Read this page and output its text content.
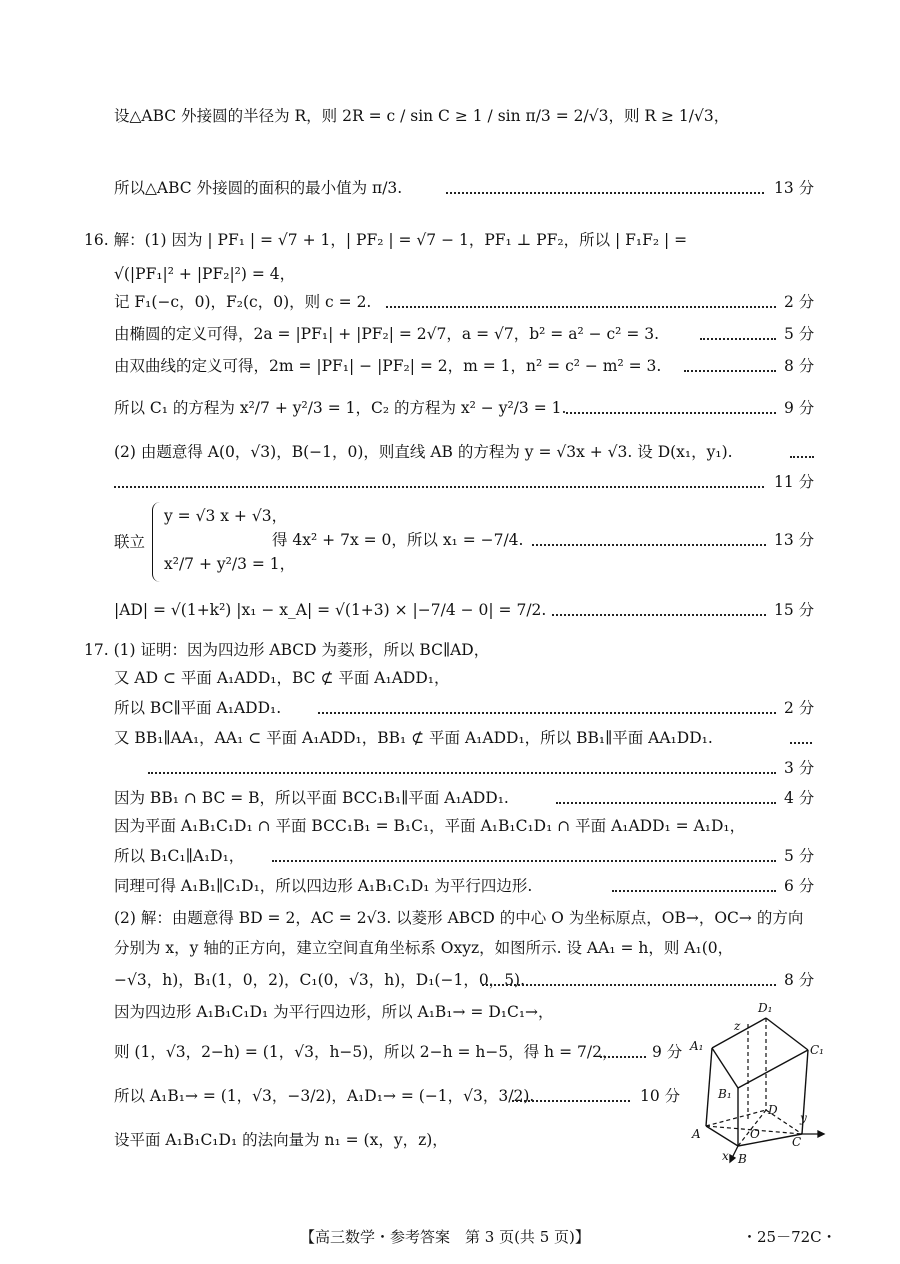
设△ABC 外接圆的半径为 R，则 2R = c / sin C ≥ 1 / sin π/3 = 2/√3，则 R ≥ 1/√3，
所以△ABC 外接圆的面积的最小值为 π/3.	13 分
16. 解：(1) 因为 | PF₁ | = √7 + 1，| PF₂ | = √7 − 1，PF₁ ⊥ PF₂，所以 | F₁F₂ | =
√(|PF₁|² + |PF₂|²) = 4，
记 F₁(−c，0)，F₂(c，0)，则 c = 2.	2 分
由椭圆的定义可得，2a = |PF₁| + |PF₂| = 2√7，a = √7，b² = a² − c² = 3.	5 分
由双曲线的定义可得，2m = |PF₁| − |PF₂| = 2，m = 1，n² = c² − m² = 3.	8 分
所以 C₁ 的方程为 x²/7 + y²/3 = 1，C₂ 的方程为 x² − y²/3 = 1.	9 分
(2) 由题意得 A(0，√3)，B(−1，0)，则直线 AB 的方程为 y = √3x + √3. 设 D(x₁，y₁).
11 分
联立
y = √3 x + √3，
x²/7 + y²/3 = 1，
得 4x² + 7x = 0，所以 x₁ = −7/4.	13 分
|AD| = √(1+k²) |x₁ − x_A| = √(1+3) × |−7/4 − 0| = 7/2.	15 分
17. (1) 证明：因为四边形 ABCD 为菱形，所以 BC∥AD，
又 AD ⊂ 平面 A₁ADD₁，BC ⊄ 平面 A₁ADD₁，
所以 BC∥平面 A₁ADD₁.	2 分
又 BB₁∥AA₁，AA₁ ⊂ 平面 A₁ADD₁，BB₁ ⊄ 平面 A₁ADD₁，所以 BB₁∥平面 AA₁DD₁.
3 分
因为 BB₁ ∩ BC = B，所以平面 BCC₁B₁∥平面 A₁ADD₁.	4 分
因为平面 A₁B₁C₁D₁ ∩ 平面 BCC₁B₁ = B₁C₁，平面 A₁B₁C₁D₁ ∩ 平面 A₁ADD₁ = A₁D₁，
所以 B₁C₁∥A₁D₁，	5 分
同理可得 A₁B₁∥C₁D₁，所以四边形 A₁B₁C₁D₁ 为平行四边形.	6 分
(2) 解：由题意得 BD = 2，AC = 2√3. 以菱形 ABCD 的中心 O 为坐标原点，OB→，OC→ 的方向
分别为 x，y 轴的正方向，建立空间直角坐标系 Oxyz，如图所示. 设 AA₁ = h，则 A₁(0，
−√3，h)，B₁(1，0，2)，C₁(0，√3，h)，D₁(−1，0，5).	8 分
因为四边形 A₁B₁C₁D₁ 为平行四边形，所以 A₁B₁→ = D₁C₁→，
则 (1，√3，2−h) = (1，√3，h−5)，所以 2−h = h−5，得 h = 7/2， 9 分
所以 A₁B₁→ = (1，√3，−3/2)，A₁D₁→ = (−1，√3，3/2).	10 分
设平面 A₁B₁C₁D₁ 的法向量为 n₁ = (x，y，z)，
D₁
z
A₁	C₁
B₁
D
y
A	O
C
x B
【高三数学・参考答案　第 3 页(共 5 页)】	・25－72C・
